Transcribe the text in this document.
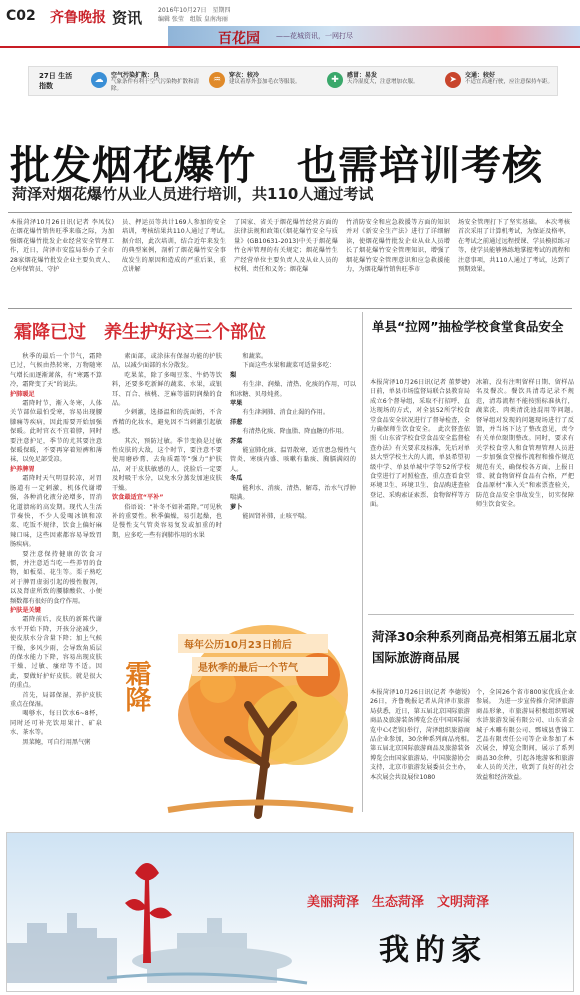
C02 齐鲁晚报 资讯	2016年10月27日　星期四
编辑 张莹　组版 皇南海丽
百花园 ——花城资讯，一网打尽
27日 生活指数
☁	空气污染扩散：良
气象条件有利于空气污染物扩散和清除。
♒	穿衣：较冷
建议着厚外套加毛衣等服装。	✚	感冒：易发
天冷湿度大，注意增加衣服。	➤	交通：较好
不适宜高速行驶，应注意保持车距。
批发烟花爆竹　也需培训考核
菏泽对烟花爆竹从业人员进行培训，共110人通过考试
本报菏泽10月26日讯(记者 李凤仪)　在烟花爆竹销售旺季来临之际，为加强烟花爆竹批发企业经营安全管理工作，近日，菏泽市安监局举办了全市28家烟花爆竹批发企业主要负责人、仓库保管员、守护
员、押运员等共计169人参加的安全培训，考核结果共110人通过了考试。　据介绍，此次培训，结合近年来发生的典型案例，剖析了烟花爆竹安全事故发生的原因和造成的严重后果，重点讲解
了国家、省关于烟花爆竹经营方面的法律法规和政策(《烟花爆竹安全与质量》(GB10631-2013)中关于烟花爆竹仓库管理的有关规定；烟花爆竹生产经营单位主要负责人及从业人员的权利、责任和义务；烟花爆
竹消防安全和应急救援等方面的知识并对《新安全生产法》进行了详细解读，使烟花爆竹批发企业从业人员增长了烟花爆竹安全管理知识，增强了烟花爆竹安全管理意识和应急救援能力，为烟花爆竹销售旺季市
场安全管理打下了坚实基础。　本次考核首次采用了计算机考试，为保证及格率，在考试之前通过远程授课、学员模拟练习等，使学员能够熟练地掌握考试的流程和注意事项，共110人通过了考试，达到了预期效果。
霜降已过　养生护好这三个部位
秋季的最后一个节气，霜降已过，气候由热转寒，万物随寒气增长而逐渐萧落，有“寒露不算冷，霜降变了天”的说法。
护肺暖足
霜降时节，渐入冬寒，人体关节部位最怕受寒，容易出现腰膝痛等疾病，因此需要开始加强保暖。此时官衣不宜着脖，同时要注意护足，季节的尤其要注意保暖保暖，不要再穿着短裤和薄袜，以免足部受凉。
护养脾胃
霜降时天气明显转凉，对胃肠道有一定刺激，机体代谢增强，各种消化液分泌增多，胃消化道溃疡的高发期。现代人生活节奏快，不少人爱喝冰镇和凉菜、吃饭不规律，饮食上偏好麻辣口味，这些因素都容易导致胃肠疾病。
要注意保持健康的饮食习惯，并注意适当吃一些养胃的食物，如板栗、花生等。栗子熟吃对于脾胃虚弱引起的慢性腹泻，以及肾虚所致的腰膝酸软、小便频数都有很好的食疗作用。
护肤是关键
霜降前后，皮肤的新陈代谢水平开始下降，开孩分泌减少，使皮肤水分含量下降；加上气候干燥，多风少雨，会导致角质层的保水能力下降，容易出现皮肤干燥、过敏、瘙痒等不适。因此，要做好护好皮肤。就是很大的重点。
首先，局部保湿，养护皮肤重点在保湿。
喝够水，每日饮水6~8杯，同时还可补充饮用果汁、矿泉水、茶水等。
黑菜鲍，可自行用黑气粥
素面部，或涂抹有保湿功能的护肤品，以减少面部的水分散发。
吃果菜，除了多喝豆浆、牛奶等饮料，还要多吃新鲜的蔬菜、水果，或银耳、百合、核桃、芝麻等滋阴润燥的食品。
少刺激，选择温和的洗面奶，不含香精的化妆水，避免因不当刺激引起敏感。
其次，预防过敏。季节变换是过敏性皮肤的大敌，这个时节，要注意不要使用磨砂膏、去角质霜等“强力”护肤品，对于皮肤敏感的人，洗脸后一定要及时吸干水分，以免水分蒸发加速皮肤干燥。
饮食最适宜“平补”
俗语说：“补冬不如补霜降。”可见秋补的重要性。秋季偏燥，易引起燥，也是慢性支气管炎容易复发或加重的时期，应多吃一些有润肺作用的水果
和蔬菜。
下面这些水果和蔬菜可适量多吃：
梨
有生津、润燥、清热、化痰的作用，可以和冰糖、贝母炖煮。
苹果
有生津润肺、消食止渴的作用。
洋葱
有清热化痰、降血脂、降血糖的作用。
芥菜
能宣肺化痰、温胃散寒，适宜患急慢性气管炎、寒痰内盛、咳嗽有黏痰、胸膈满闷的人。
冬瓜
能利水、消痰、清热、解毒，治水气浮肿喘满。
萝卜
能固肾补肺，止咳平喘。
每年公历10月23日前后
是秋季的最后一个节气
霜降
单县“拉网”抽检学校食堂食品安全
本报菏泽10月26日讯(记者 董梦婕)　日前，单县市场监督局联合县教育局成立6个督导组，采取不打招呼、直达现场的方式，对全县52所学校食堂食品安全状况进行了督导检查，全力确保师生饮食安全。　此次督查依照《山东省学校食堂食品安全监督检查办法》有关要求及标准，先后对单县大型学校主大的人流，单县希望初级中学、单县单城中学等52所学校食堂进行了对照检查，重点查看食堂环境卫生、环境卫生、食品购进查验登记、采购索证索票、食物留样等方面。
冰箱，没有注明留样日期、留样品名及餐次。餐饮具清毒记录不规范，清毒流程不能按照标准执行，蔬菜洗、肉类清洗池混用等问题。　督导组对发现的问题现场进行了反馈，并当场下达了整改意见，责令有关单位限期整改。同时，要求有关学校食堂人和食管理管理人员进一步加强食堂操作流程和操作规范规范有关，确保校各方面，上报日常、就食物留样食品有合格，严把食品原材“准入关”和索票查验关，防范食品安全事故发生，切实保障师生饮食安全。
菏泽30余种系列商品亮相第五届北京国际旅游商品展
本报菏泽10月26日讯(记者 李德锐)　26日，齐鲁晚报记者从菏泽市旅游局获悉，近日，第五届北京国际旅游商品及旅游装备博览会在中国国际展览中心(老馆)举行，菏泽组织旅游商品企业参加，30余种系列商品亮相。　第五届北京国际旅游商品及旅游装备博览会由国家旅游局、中国旅游协会支持，北京市旅游发展委员会主办，本次展会共设展位1080
个，全国26个省市800家优质企业参展。　为进一步宣传推介菏泽旅游商品形象，市旅游局积极组织郓城水浒旅游发展有限公司、山东省金城子木雕有限公司、鄄城县曹锦工艺品有限责任公司等企业参加了本次展会，博览会期间，展示了系列商品30余种，引起各地游客和旅游业人员的关注，收到了良好的社会效益和经济效益。
美丽菏泽　生态菏泽　文明菏泽
我的家
